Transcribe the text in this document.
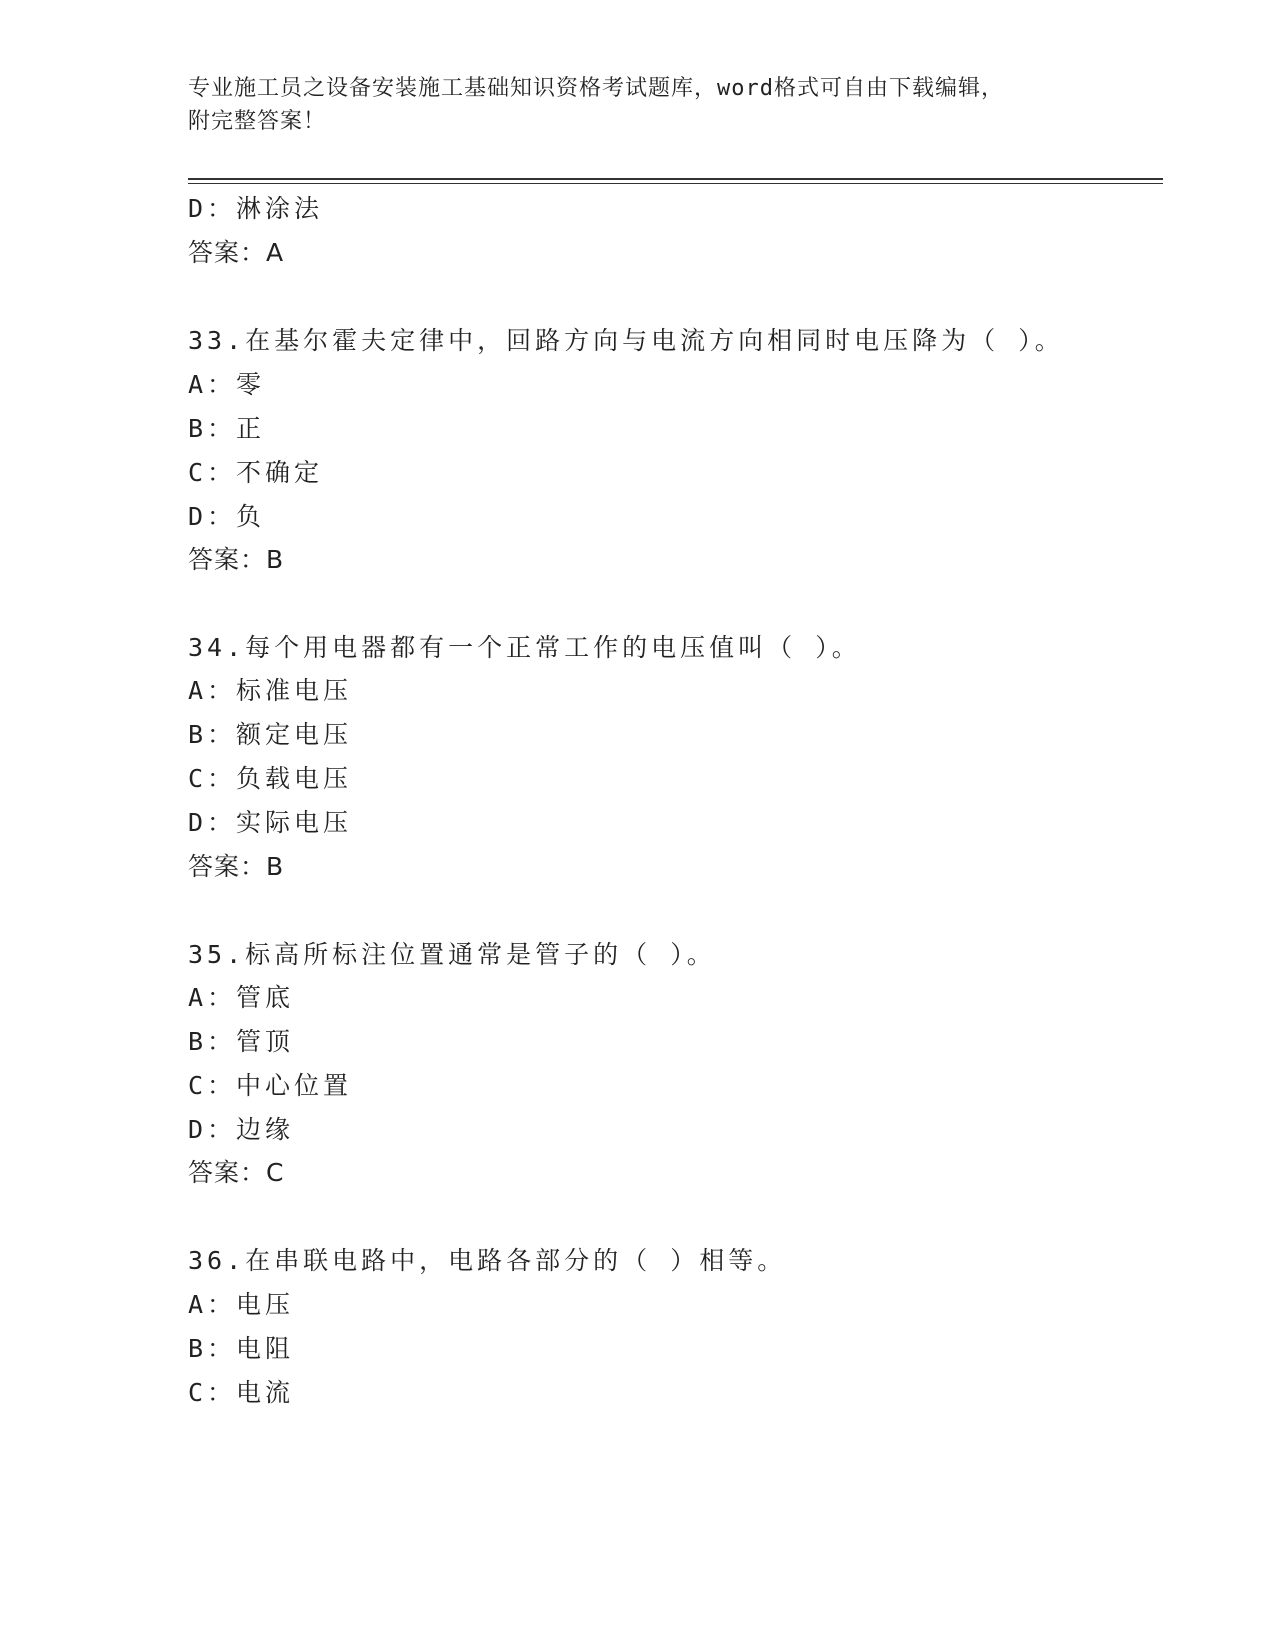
专业施工员之设备安装施工基础知识资格考试题库，word格式可自由下载编辑，
附完整答案！
D：淋涂法
答案：A
33.在基尔霍夫定律中，回路方向与电流方向相同时电压降为（ ）。
A：零
B：正
C：不确定
D：负
答案：B
34.每个用电器都有一个正常工作的电压值叫（ ）。
A：标准电压
B：额定电压
C：负载电压
D：实际电压
答案：B
35.标高所标注位置通常是管子的（ ）。
A：管底
B：管顶
C：中心位置
D：边缘
答案：C
36.在串联电路中，电路各部分的（ ）相等。
A：电压
B：电阻
C：电流
